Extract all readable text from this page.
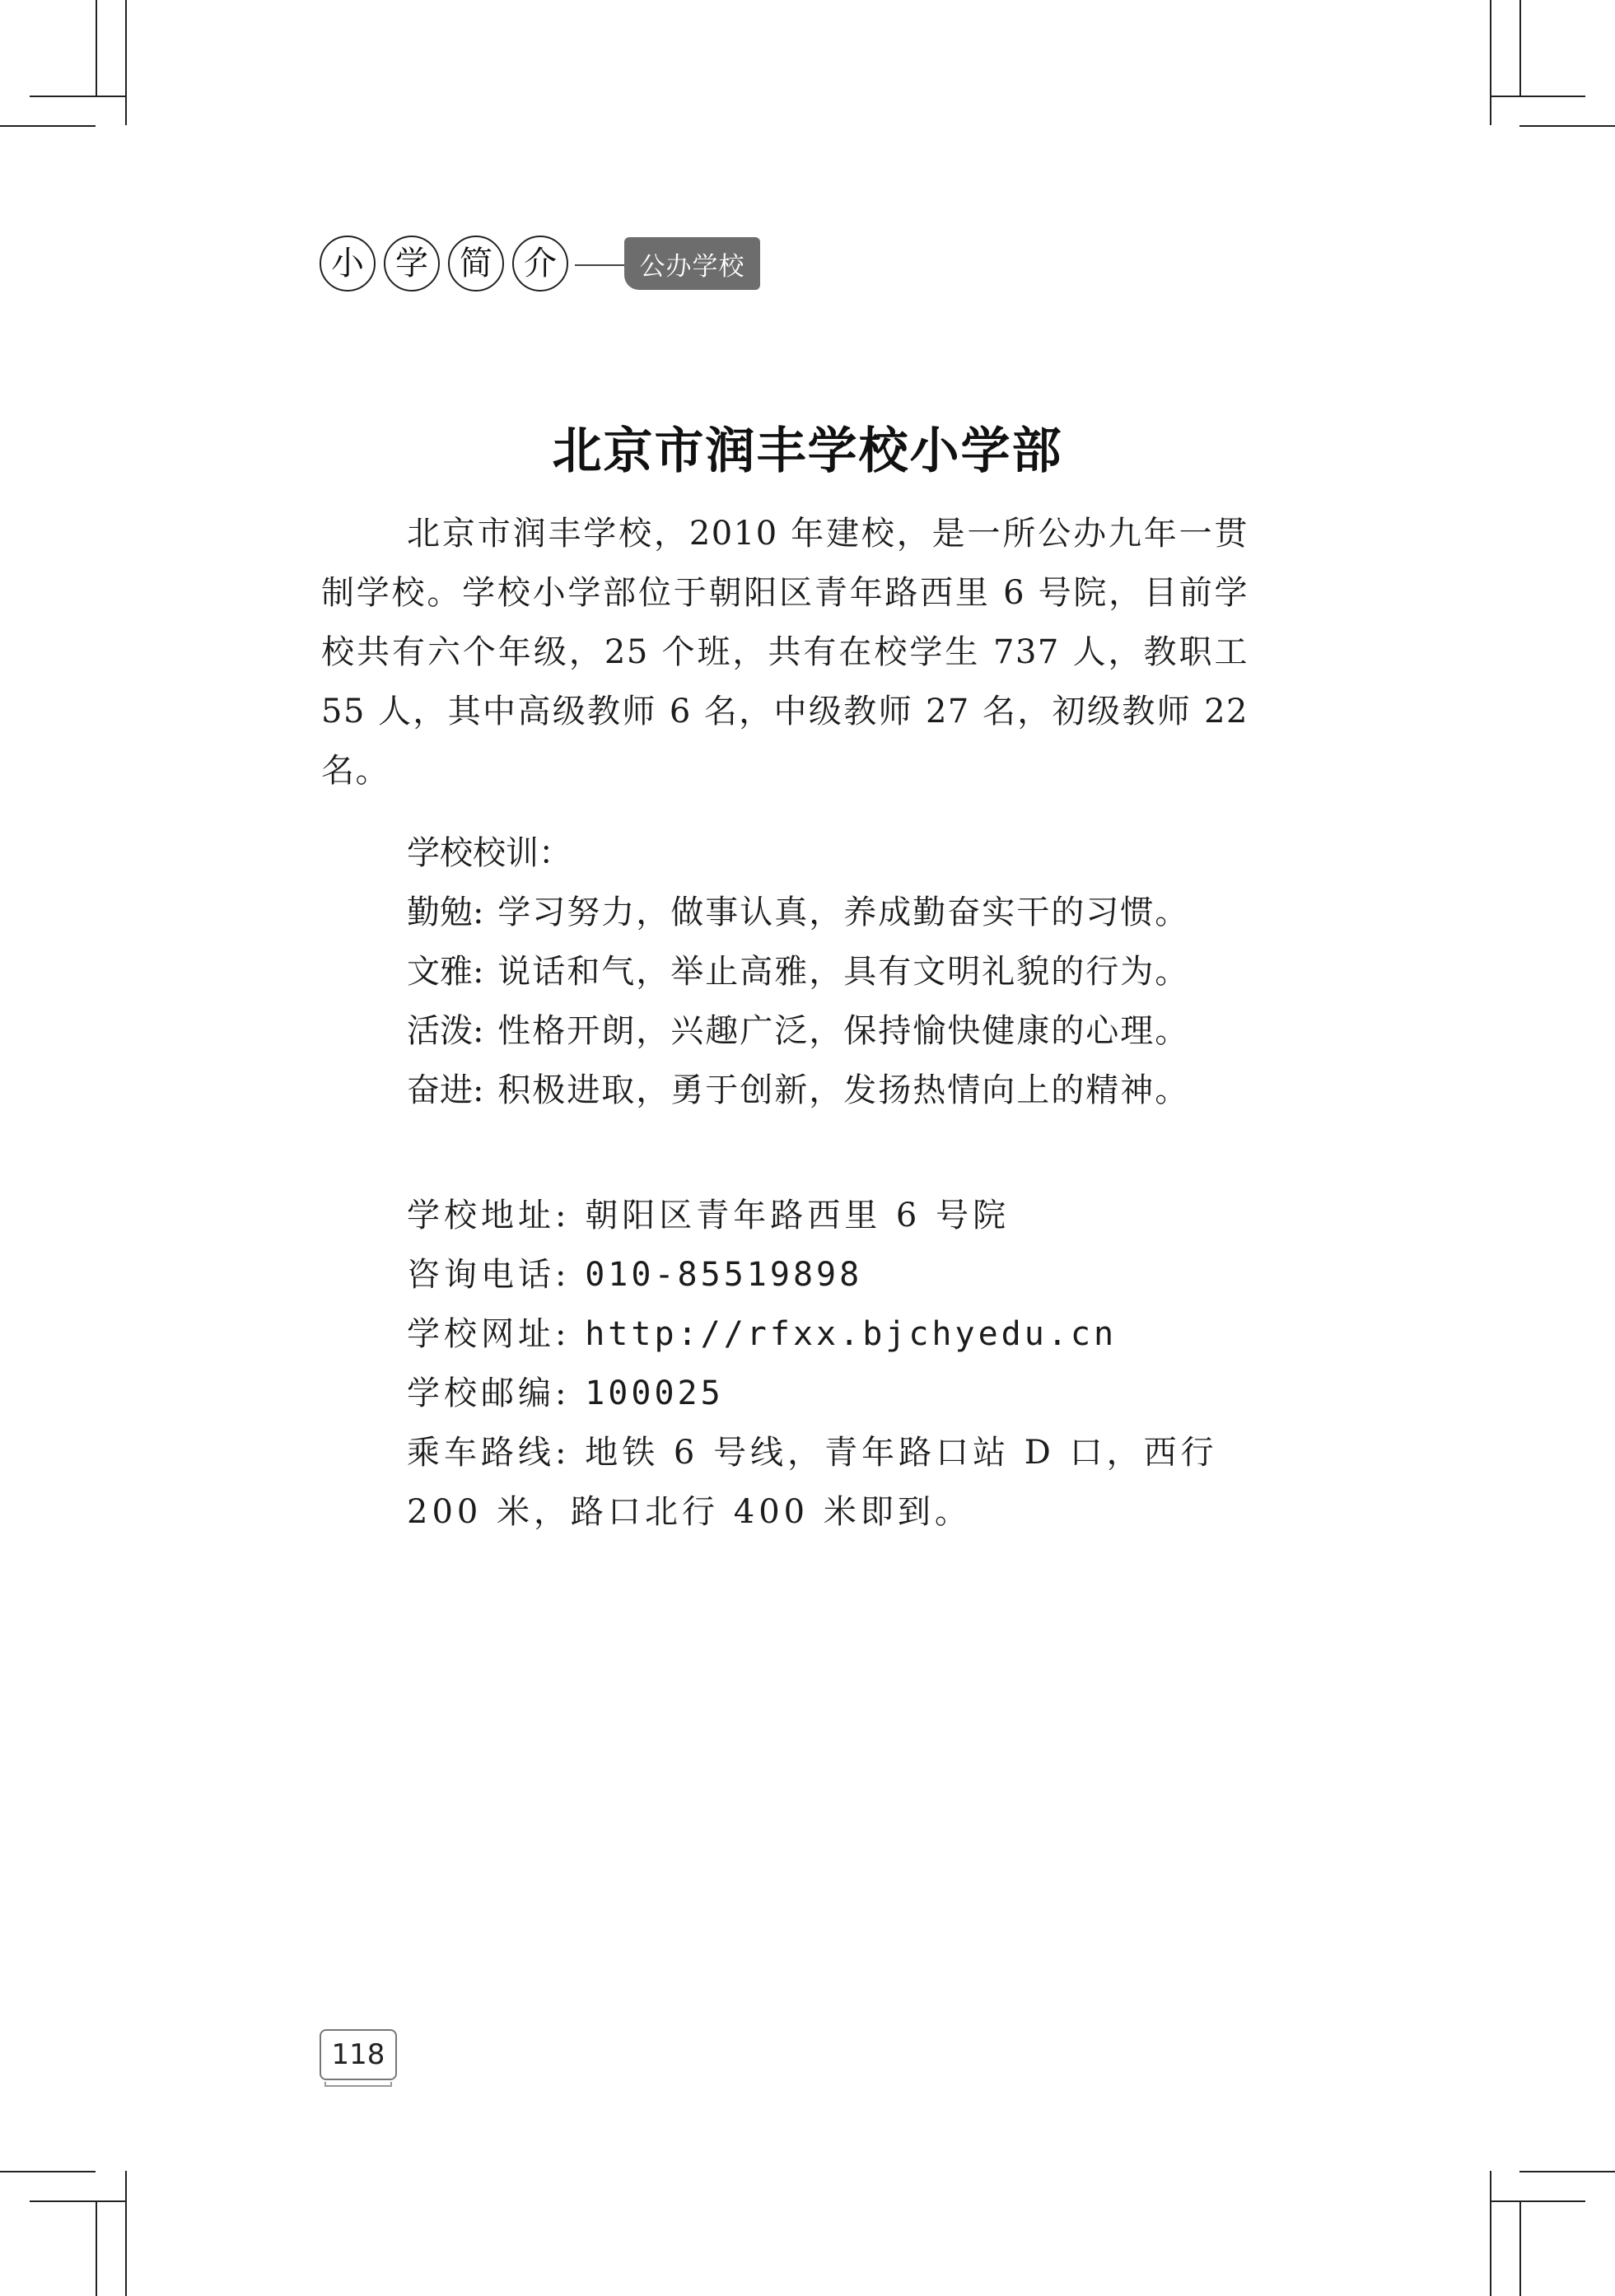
小 学 简 介	公办学校
北京市润丰学校小学部

北京市润丰学校，2010 年建校，是一所公办九年一贯制学校。学校小学部位于朝阳区青年路西里 6 号院，目前学校共有六个年级，25 个班，共有在校学生 737 人，教职工 55 人，其中高级教师 6 名，中级教师 27 名，初级教师 22 名。

学校校训：
勤勉: 学习努力，做事认真，养成勤奋实干的习惯。
文雅: 说话和气，举止高雅，具有文明礼貌的行为。
活泼: 性格开朗，兴趣广泛，保持愉快健康的心理。
奋进: 积极进取，勇于创新，发扬热情向上的精神。
学校地址: 朝阳区青年路西里 6 号院
咨询电话: 010-85519898
学校网址: http://rfxx.bjchyedu.cn
学校邮编: 100025
乘车路线: 地铁 6 号线，青年路口站 D 口，西行 200 米，路口北行 400 米即到。
118
